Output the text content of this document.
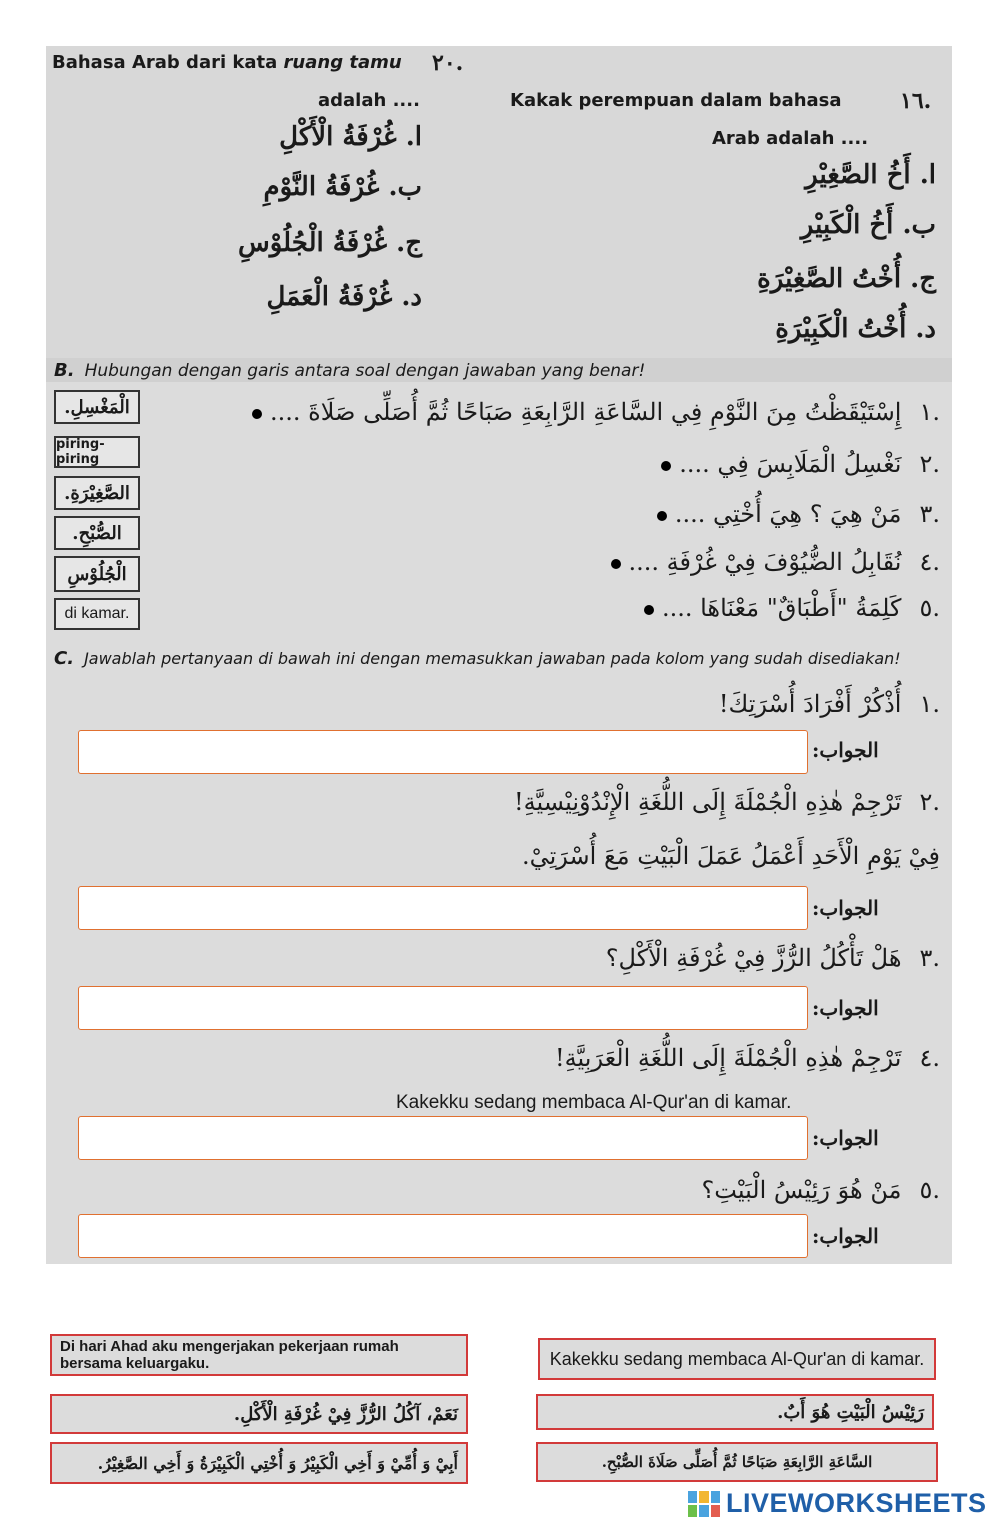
Bahasa Arab dari kata ruang tamu .٢٠
adalah ....	Kakak perempuan dalam bahasa	.١٦
Arab adalah ....
ا. غُرْفَةُ الْأَكْلِ
ب. غُرْفَةُ النَّوْمِ
ج. غُرْفَةُ الْجُلُوْسِ
د. غُرْفَةُ الْعَمَلِ
ا. أَخُ الصَّغِيْرِ
ب. أَخُ الْكَبِيْرِ
ج. أُخْتُ الصَّغِيْرَةِ
د. أُخْتُ الْكَبِيْرَةِ
B. Hubungan dengan garis antara soal dengan jawaban yang benar!
الْمَغْسِلِ.
piring-piring
الصَّغِيْرَةِ.
الصُّبْحِ.
الْجُلُوْسِ
di kamar.
.١إِسْتَيْقَظْتُ مِنَ النَّوْمِ فِي السَّاعَةِ الرَّابِعَةِ صَبَاحًا ثُمَّ أُصَلِّى صَلَاةَ ....
.٢نَغْسِلُ الْمَلَابِسَ فِي ....
.٣مَنْ هِيَ ؟ هِيَ أُخْتِي ....
.٤نُقَابِلُ الضُّيُوْفَ فِيْ غُرْفَةِ ....
.٥كَلِمَةُ "أَطْبَاقٌ" مَعْنَاهَا ....
C. Jawablah pertanyaan di bawah ini dengan memasukkan jawaban pada kolom yang sudah disediakan!
.١أُذْكُرْ أَفْرَادَ أُسْرَتِكَ!
الجواب:
.٢تَرْجِمْ هٰذِهِ الْجُمْلَةَ إِلَى اللُّغَةِ الْإِنْدُوْنِيْسِيَّةِ!
فِيْ يَوْمِ الْأَحَدِ أَعْمَلُ عَمَلَ الْبَيْتِ مَعَ أُسْرَتِيْ.
الجواب:
.٣هَلْ تَأْكُلُ الرُّزَّ فِيْ غُرْفَةِ الْأَكْلِ؟
الجواب:
.٤تَرْجِمْ هٰذِهِ الْجُمْلَةَ إِلَى اللُّغَةِ الْعَرَبِيَّةِ!
Kakekku sedang membaca Al-Qur'an di kamar.
الجواب:
.٥مَنْ هُوَ رَئِيْسُ الْبَيْتِ؟
الجواب:
Di hari Ahad aku mengerjakan pekerjaan rumah bersama keluargaku.
نَعَمْ، آكُلُ الرُّزَّ فِيْ غُرْفَةِ الْأَكْلِ.
أَبِيْ وَ أُمِّيْ وَ أَخِي الْكَبِيْرُ وَ أُخْتِي الْكَبِيْرَةُ وَ أَخِي الصَّغِيْرُ.
Kakekku sedang membaca Al-Qur'an di kamar.
رَئِيْسُ الْبَيْتِ هُوَ أَبٌ.
السَّاعَةِ الرَّابِعَةِ صَبَاحًا ثُمَّ أُصَلِّى صَلَاةَ الصُّبْحِ.
LIVEWORKSHEETS
